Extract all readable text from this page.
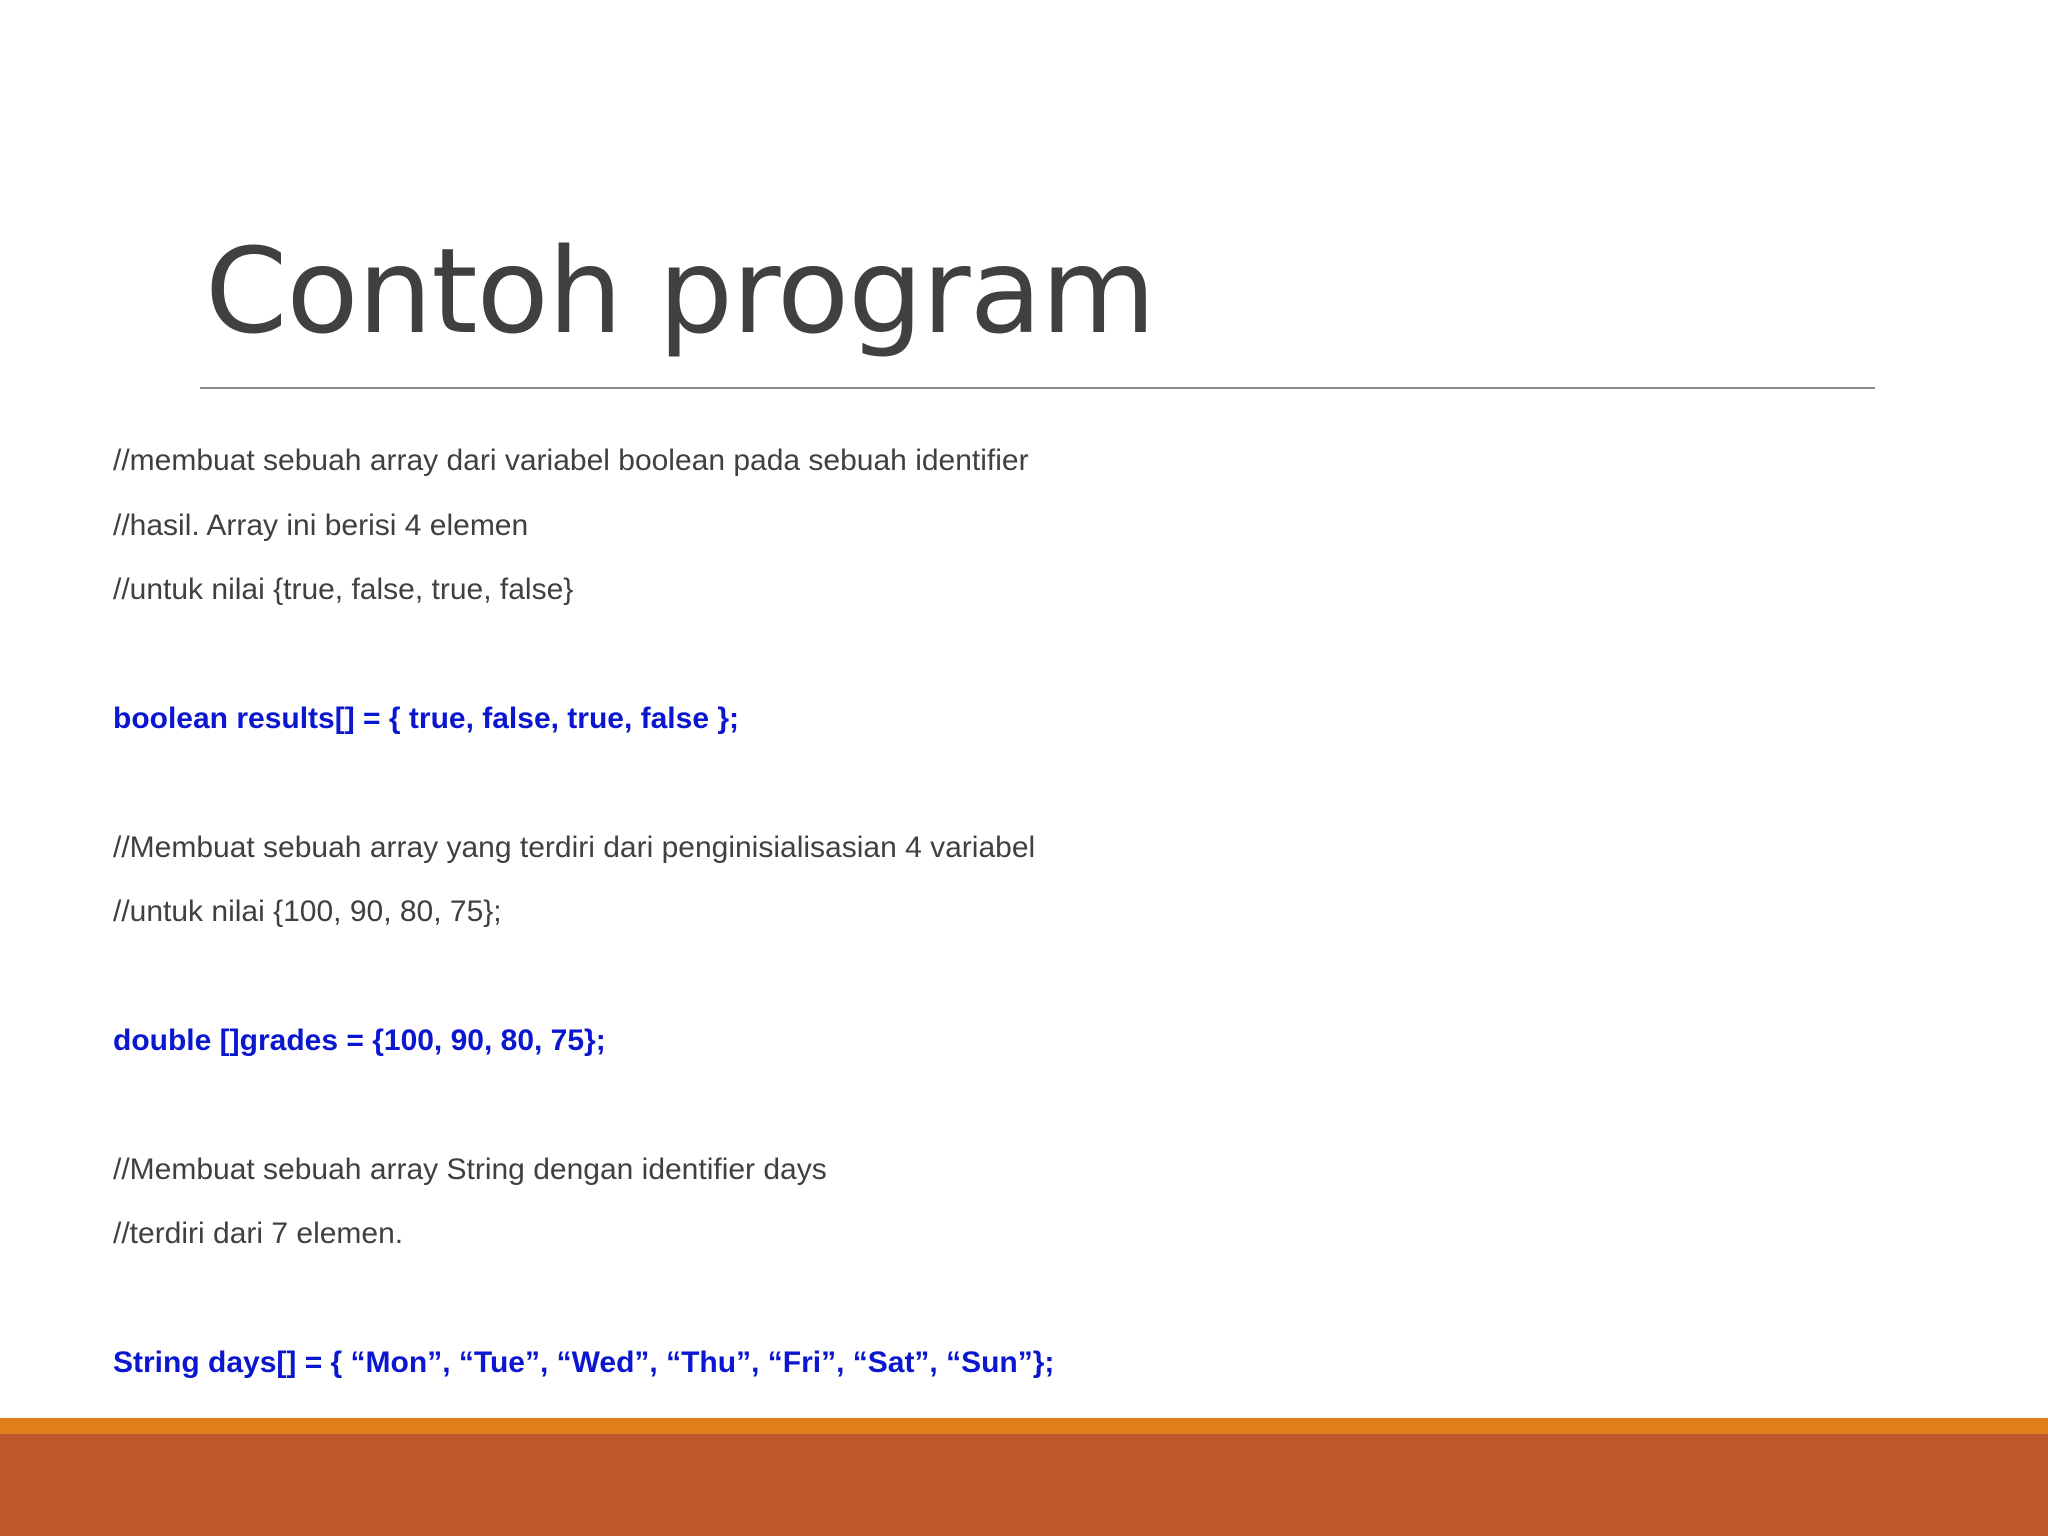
Contoh program
//membuat sebuah array dari variabel boolean pada sebuah identifier
//hasil. Array ini berisi 4 elemen
//untuk nilai {true, false, true, false}
boolean results[] = { true, false, true, false };
//Membuat sebuah array yang terdiri dari penginisialisasian 4 variabel
//untuk nilai {100, 90, 80, 75};
double []grades = {100, 90, 80, 75};
//Membuat sebuah array String dengan identifier days
//terdiri dari 7 elemen.
String days[] = { “Mon”, “Tue”, “Wed”, “Thu”, “Fri”, “Sat”, “Sun”};
